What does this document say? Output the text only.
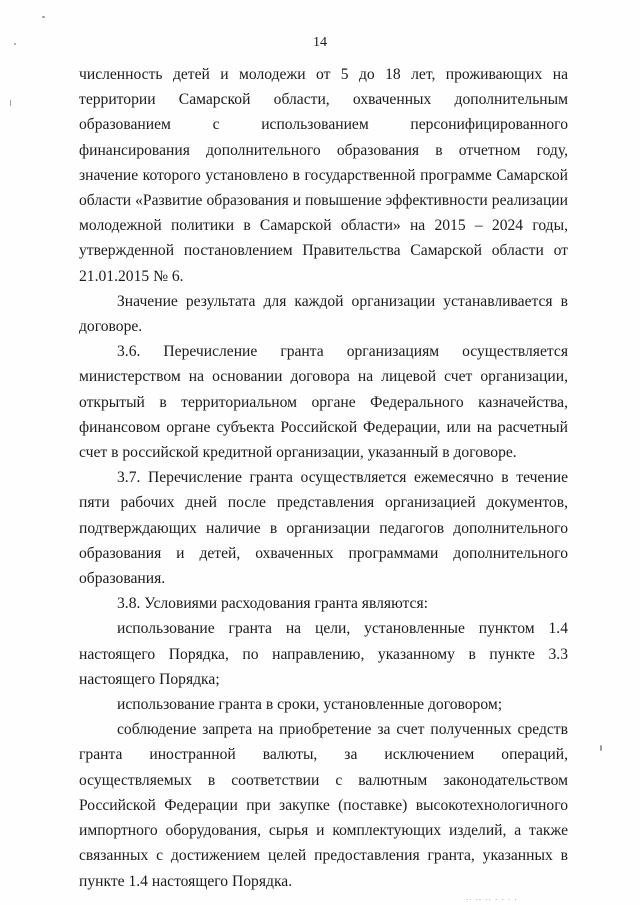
14

численность детей и молодежи от 5 до 18 лет, проживающих на территории Самарской области, охваченных дополнительным образованием с использованием персонифицированного финансирования дополнительного образования в отчетном году, значение которого установлено в государственной программе Самарской области «Развитие образования и повышение эффективности реализации молодежной политики в Самарской области» на 2015 – 2024 годы, утвержденной постановлением Правительства Самарской области от 21.01.2015 № 6.

Значение результата для каждой организации устанавливается в договоре.

3.6. Перечисление гранта организациям осуществляется министерством на основании договора на лицевой счет организации, открытый в территориальном органе Федерального казначейства, финансовом органе субъекта Российской Федерации, или на расчетный счет в российской кредитной организации, указанный в договоре.

3.7. Перечисление гранта осуществляется ежемесячно в течение пяти рабочих дней после представления организацией документов, подтверждающих наличие в организации педагогов дополнительного образования и детей, охваченных программами дополнительного образования.

3.8. Условиями расходования гранта являются:

использование гранта на цели, установленные пунктом 1.4 настоящего Порядка, по направлению, указанному в пункте 3.3 настоящего Порядка;

использование гранта в сроки, установленные договором;

соблюдение запрета на приобретение за счет полученных средств гранта иностранной валюты, за исключением операций, осуществляемых в соответствии с валютным законодательством Российской Федерации при закупке (поставке) высокотехнологичного импортного оборудования, сырья и комплектующих изделий, а также связанных с достижением целей предоставления гранта, указанных в пункте 1.4 настоящего Порядка.

·· ·· ·· · · · ·
